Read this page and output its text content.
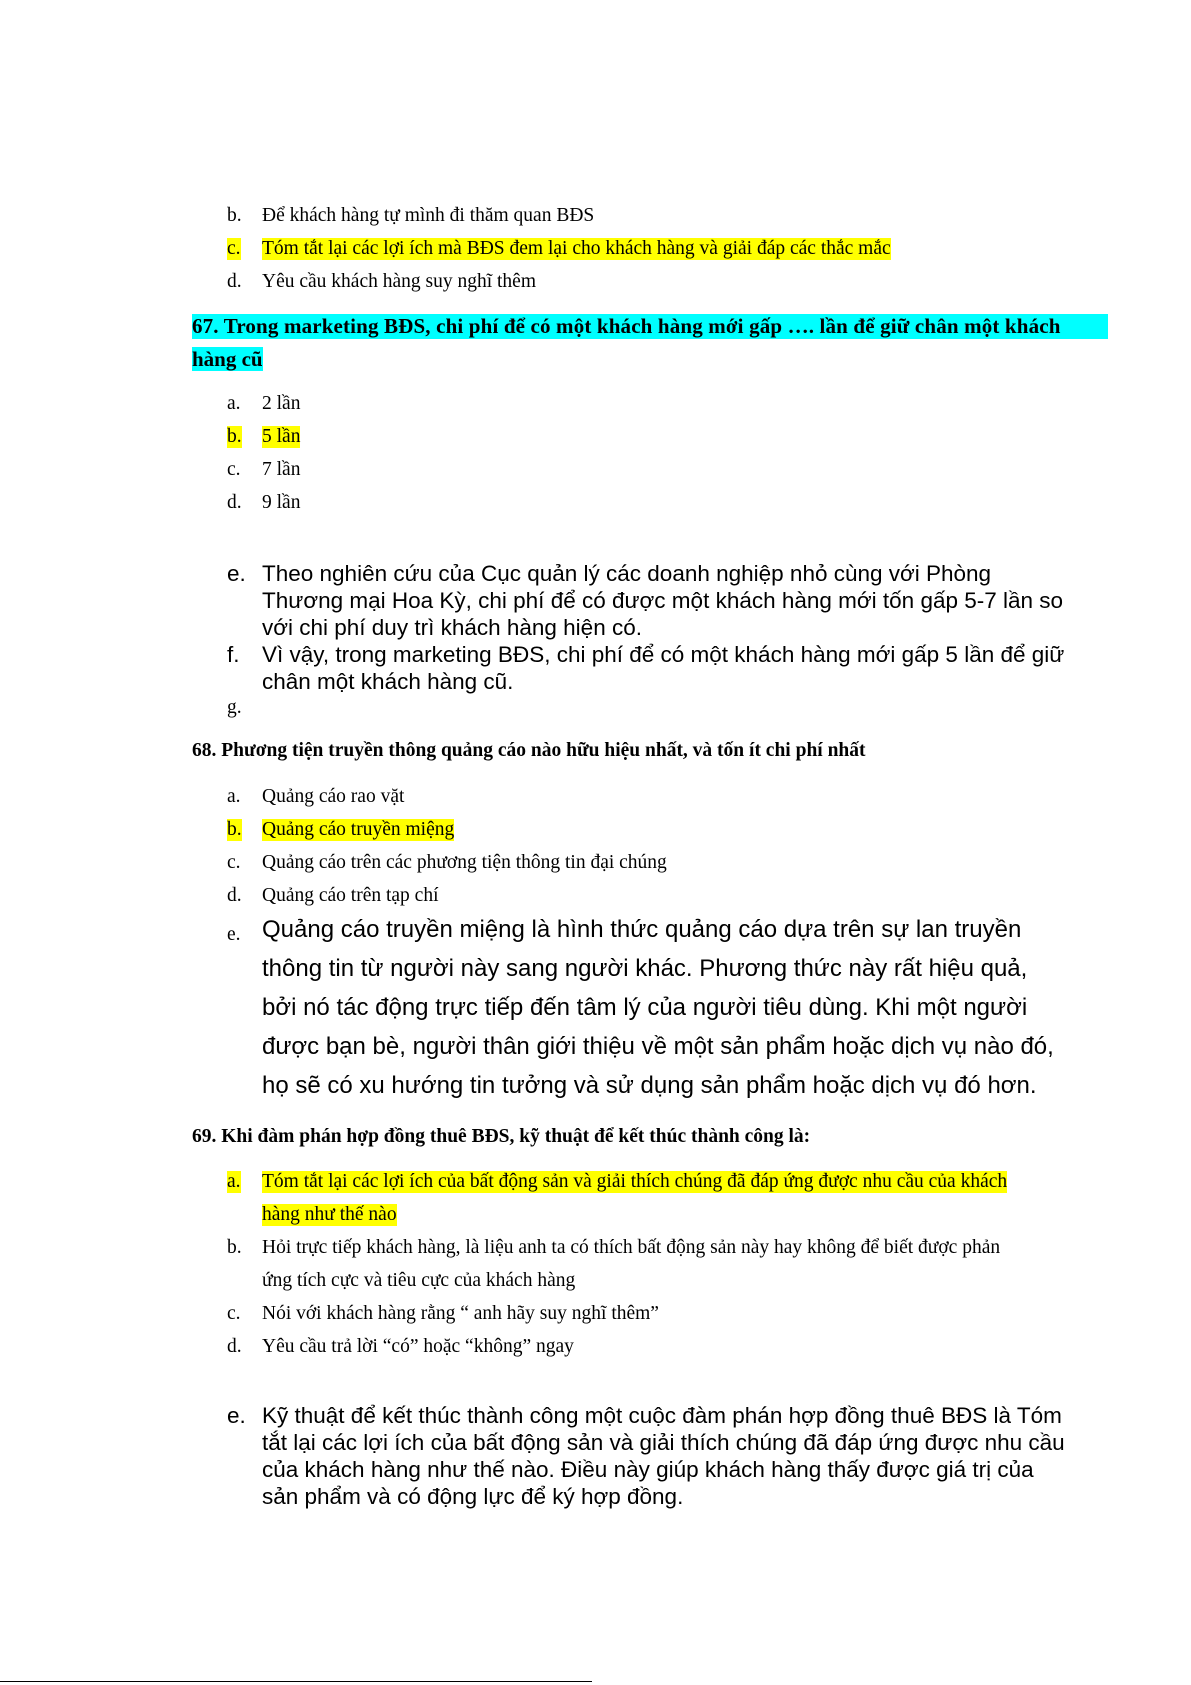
b. Để khách hàng tự mình đi thăm quan BĐS
c. Tóm tắt lại các lợi ích mà BĐS đem lại cho khách hàng và giải đáp các thắc mắc
d. Yêu cầu khách hàng suy nghĩ thêm
67. Trong marketing BĐS, chi phí để có một khách hàng mới gấp …. lần để giữ chân một khách
hàng cũ
a. 2 lần
b. 5 lần
c. 7 lần
d. 9 lần
e. Theo nghiên cứu của Cục quản lý các doanh nghiệp nhỏ cùng với Phòng
Thương mại Hoa Kỳ, chi phí để có được một khách hàng mới tốn gấp 5-7 lần so
với chi phí duy trì khách hàng hiện có.
f. Vì vậy, trong marketing BĐS, chi phí để có một khách hàng mới gấp 5 lần để giữ
chân một khách hàng cũ.
g.
68. Phương tiện truyền thông quảng cáo nào hữu hiệu nhất, và tốn ít chi phí nhất
a. Quảng cáo rao vặt
b. Quảng cáo truyền miệng
c. Quảng cáo trên các phương tiện thông tin đại chúng
d. Quảng cáo trên tạp chí
e. Quảng cáo truyền miệng là hình thức quảng cáo dựa trên sự lan truyền
thông tin từ người này sang người khác. Phương thức này rất hiệu quả,
bởi nó tác động trực tiếp đến tâm lý của người tiêu dùng. Khi một người
được bạn bè, người thân giới thiệu về một sản phẩm hoặc dịch vụ nào đó,
họ sẽ có xu hướng tin tưởng và sử dụng sản phẩm hoặc dịch vụ đó hơn.
69. Khi đàm phán hợp đồng thuê BĐS, kỹ thuật để kết thúc thành công là:
a. Tóm tắt lại các lợi ích của bất động sản và giải thích chúng đã đáp ứng được nhu cầu của khách
hàng như thế nào
b. Hỏi trực tiếp khách hàng, là liệu anh ta có thích bất động sản này hay không để biết được phản
ứng tích cực và tiêu cực của khách hàng
c. Nói với khách hàng rằng “ anh hãy suy nghĩ thêm”
d. Yêu cầu trả lời “có” hoặc “không” ngay
e. Kỹ thuật để kết thúc thành công một cuộc đàm phán hợp đồng thuê BĐS là Tóm
tắt lại các lợi ích của bất động sản và giải thích chúng đã đáp ứng được nhu cầu
của khách hàng như thế nào. Điều này giúp khách hàng thấy được giá trị của
sản phẩm và có động lực để ký hợp đồng.
